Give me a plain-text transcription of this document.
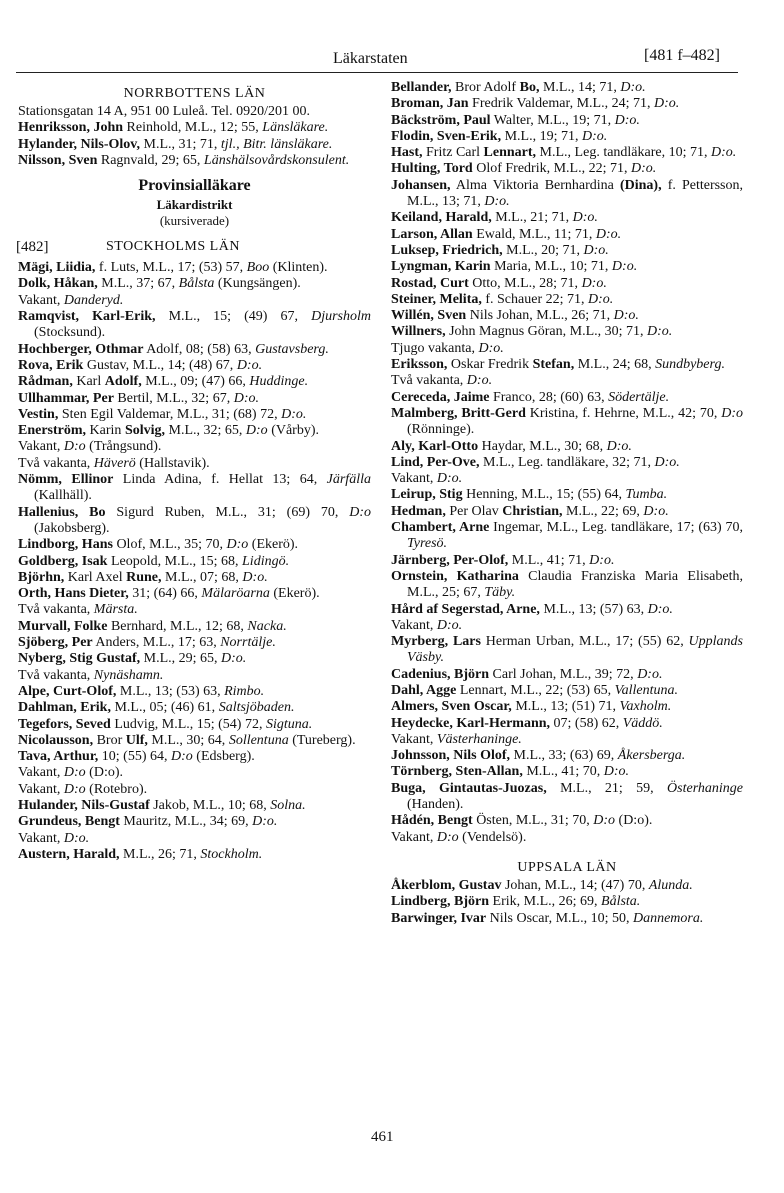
Läkarstaten	[481 f–482]
NORRBOTTENS LÄN
Stationsgatan 14 A, 951 00 Luleå. Tel. 0920/201 00.
Henriksson, John Reinhold, M.L., 12; 55, Länsläkare.
Hylander, Nils-Olov, M.L., 31; 71, tjl., Bitr. länsläkare.
Nilsson, Sven Ragnvald, 29; 65, Länshälsovårdskonsulent.
Provinsialläkare
Läkardistrikt
(kursiverade)
[482]	STOCKHOLMS LÄN
Mägi, Liidia, f. Luts, M.L., 17; (53) 57, Boo (Klinten).
Dolk, Håkan, M.L., 37; 67, Bålsta (Kungsängen).
Vakant, Danderyd.
Ramqvist, Karl-Erik, M.L., 15; (49) 67, Djursholm (Stocksund).
Hochberger, Othmar Adolf, 08; (58) 63, Gustavsberg.
Rova, Erik Gustav, M.L., 14; (48) 67, D:o.
Rådman, Karl Adolf, M.L., 09; (47) 66, Huddinge.
Ullhammar, Per Bertil, M.L., 32; 67, D:o.
Vestin, Sten Egil Valdemar, M.L., 31; (68) 72, D:o.
Enerström, Karin Solvig, M.L., 32; 65, D:o (Vårby).
Vakant, D:o (Trångsund).
Två vakanta, Häverö (Hallstavik).
Nömm, Ellinor Linda Adina, f. Hellat 13; 64, Järfälla (Kallhäll).
Hallenius, Bo Sigurd Ruben, M.L., 31; (69) 70, D:o (Jakobsberg).
Lindborg, Hans Olof, M.L., 35; 70, D:o (Ekerö).
Goldberg, Isak Leopold, M.L., 15; 68, Lidingö.
Björhn, Karl Axel Rune, M.L., 07; 68, D:o.
Orth, Hans Dieter, 31; (64) 66, Mälaröarna (Ekerö).
Två vakanta, Märsta.
Murvall, Folke Bernhard, M.L., 12; 68, Nacka.
Sjöberg, Per Anders, M.L., 17; 63, Norrtälje.
Nyberg, Stig Gustaf, M.L., 29; 65, D:o.
Två vakanta, Nynäshamn.
Alpe, Curt-Olof, M.L., 13; (53) 63, Rimbo.
Dahlman, Erik, M.L., 05; (46) 61, Saltsjöbaden.
Tegefors, Seved Ludvig, M.L., 15; (54) 72, Sigtuna.
Nicolausson, Bror Ulf, M.L., 30; 64, Sollentuna (Tureberg).
Tava, Arthur, 10; (55) 64, D:o (Edsberg).
Vakant, D:o (D:o).
Vakant, D:o (Rotebro).
Hulander, Nils-Gustaf Jakob, M.L., 10; 68, Solna.
Grundeus, Bengt Mauritz, M.L., 34; 69, D:o.
Vakant, D:o.
Austern, Harald, M.L., 26; 71, Stockholm.
Bellander, Bror Adolf Bo, M.L., 14; 71, D:o.
Broman, Jan Fredrik Valdemar, M.L., 24; 71, D:o.
Bäckström, Paul Walter, M.L., 19; 71, D:o.
Flodin, Sven-Erik, M.L., 19; 71, D:o.
Hast, Fritz Carl Lennart, M.L., Leg. tandläkare, 10; 71, D:o.
Hulting, Tord Olof Fredrik, M.L., 22; 71, D:o.
Johansen, Alma Viktoria Bernhardina (Dina), f. Pettersson, M.L., 13; 71, D:o.
Keiland, Harald, M.L., 21; 71, D:o.
Larson, Allan Ewald, M.L., 11; 71, D:o.
Luksep, Friedrich, M.L., 20; 71, D:o.
Lyngman, Karin Maria, M.L., 10; 71, D:o.
Rostad, Curt Otto, M.L., 28; 71, D:o.
Steiner, Melita, f. Schauer 22; 71, D:o.
Willén, Sven Nils Johan, M.L., 26; 71, D:o.
Willners, John Magnus Göran, M.L., 30; 71, D:o.
Tjugo vakanta, D:o.
Eriksson, Oskar Fredrik Stefan, M.L., 24; 68, Sundbyberg.
Två vakanta, D:o.
Cereceda, Jaime Franco, 28; (60) 63, Södertälje.
Malmberg, Britt-Gerd Kristina, f. Hehrne, M.L., 42; 70, D:o (Rönninge).
Aly, Karl-Otto Haydar, M.L., 30; 68, D:o.
Lind, Per-Ove, M.L., Leg. tandläkare, 32; 71, D:o.
Vakant, D:o.
Leirup, Stig Henning, M.L., 15; (55) 64, Tumba.
Hedman, Per Olav Christian, M.L., 22; 69, D:o.
Chambert, Arne Ingemar, M.L., Leg. tandläkare, 17; (63) 70, Tyresö.
Järnberg, Per-Olof, M.L., 41; 71, D:o.
Ornstein, Katharina Claudia Franziska Maria Elisabeth, M.L., 25; 67, Täby.
Hård af Segerstad, Arne, M.L., 13; (57) 63, D:o.
Vakant, D:o.
Myrberg, Lars Herman Urban, M.L., 17; (55) 62, Upplands Väsby.
Cadenius, Björn Carl Johan, M.L., 39; 72, D:o.
Dahl, Agge Lennart, M.L., 22; (53) 65, Vallentuna.
Almers, Sven Oscar, M.L., 13; (51) 71, Vaxholm.
Heydecke, Karl-Hermann, 07; (58) 62, Väddö.
Vakant, Västerhaninge.
Johnsson, Nils Olof, M.L., 33; (63) 69, Åkersberga.
Törnberg, Sten-Allan, M.L., 41; 70, D:o.
Buga, Gintautas-Juozas, M.L., 21; 59, Österhaninge (Handen).
Hådén, Bengt Östen, M.L., 31; 70, D:o (D:o).
Vakant, D:o (Vendelsö).
UPPSALA LÄN
Åkerblom, Gustav Johan, M.L., 14; (47) 70, Alunda.
Lindberg, Björn Erik, M.L., 26; 69, Bålsta.
Barwinger, Ivar Nils Oscar, M.L., 10; 50, Dannemora.
461
